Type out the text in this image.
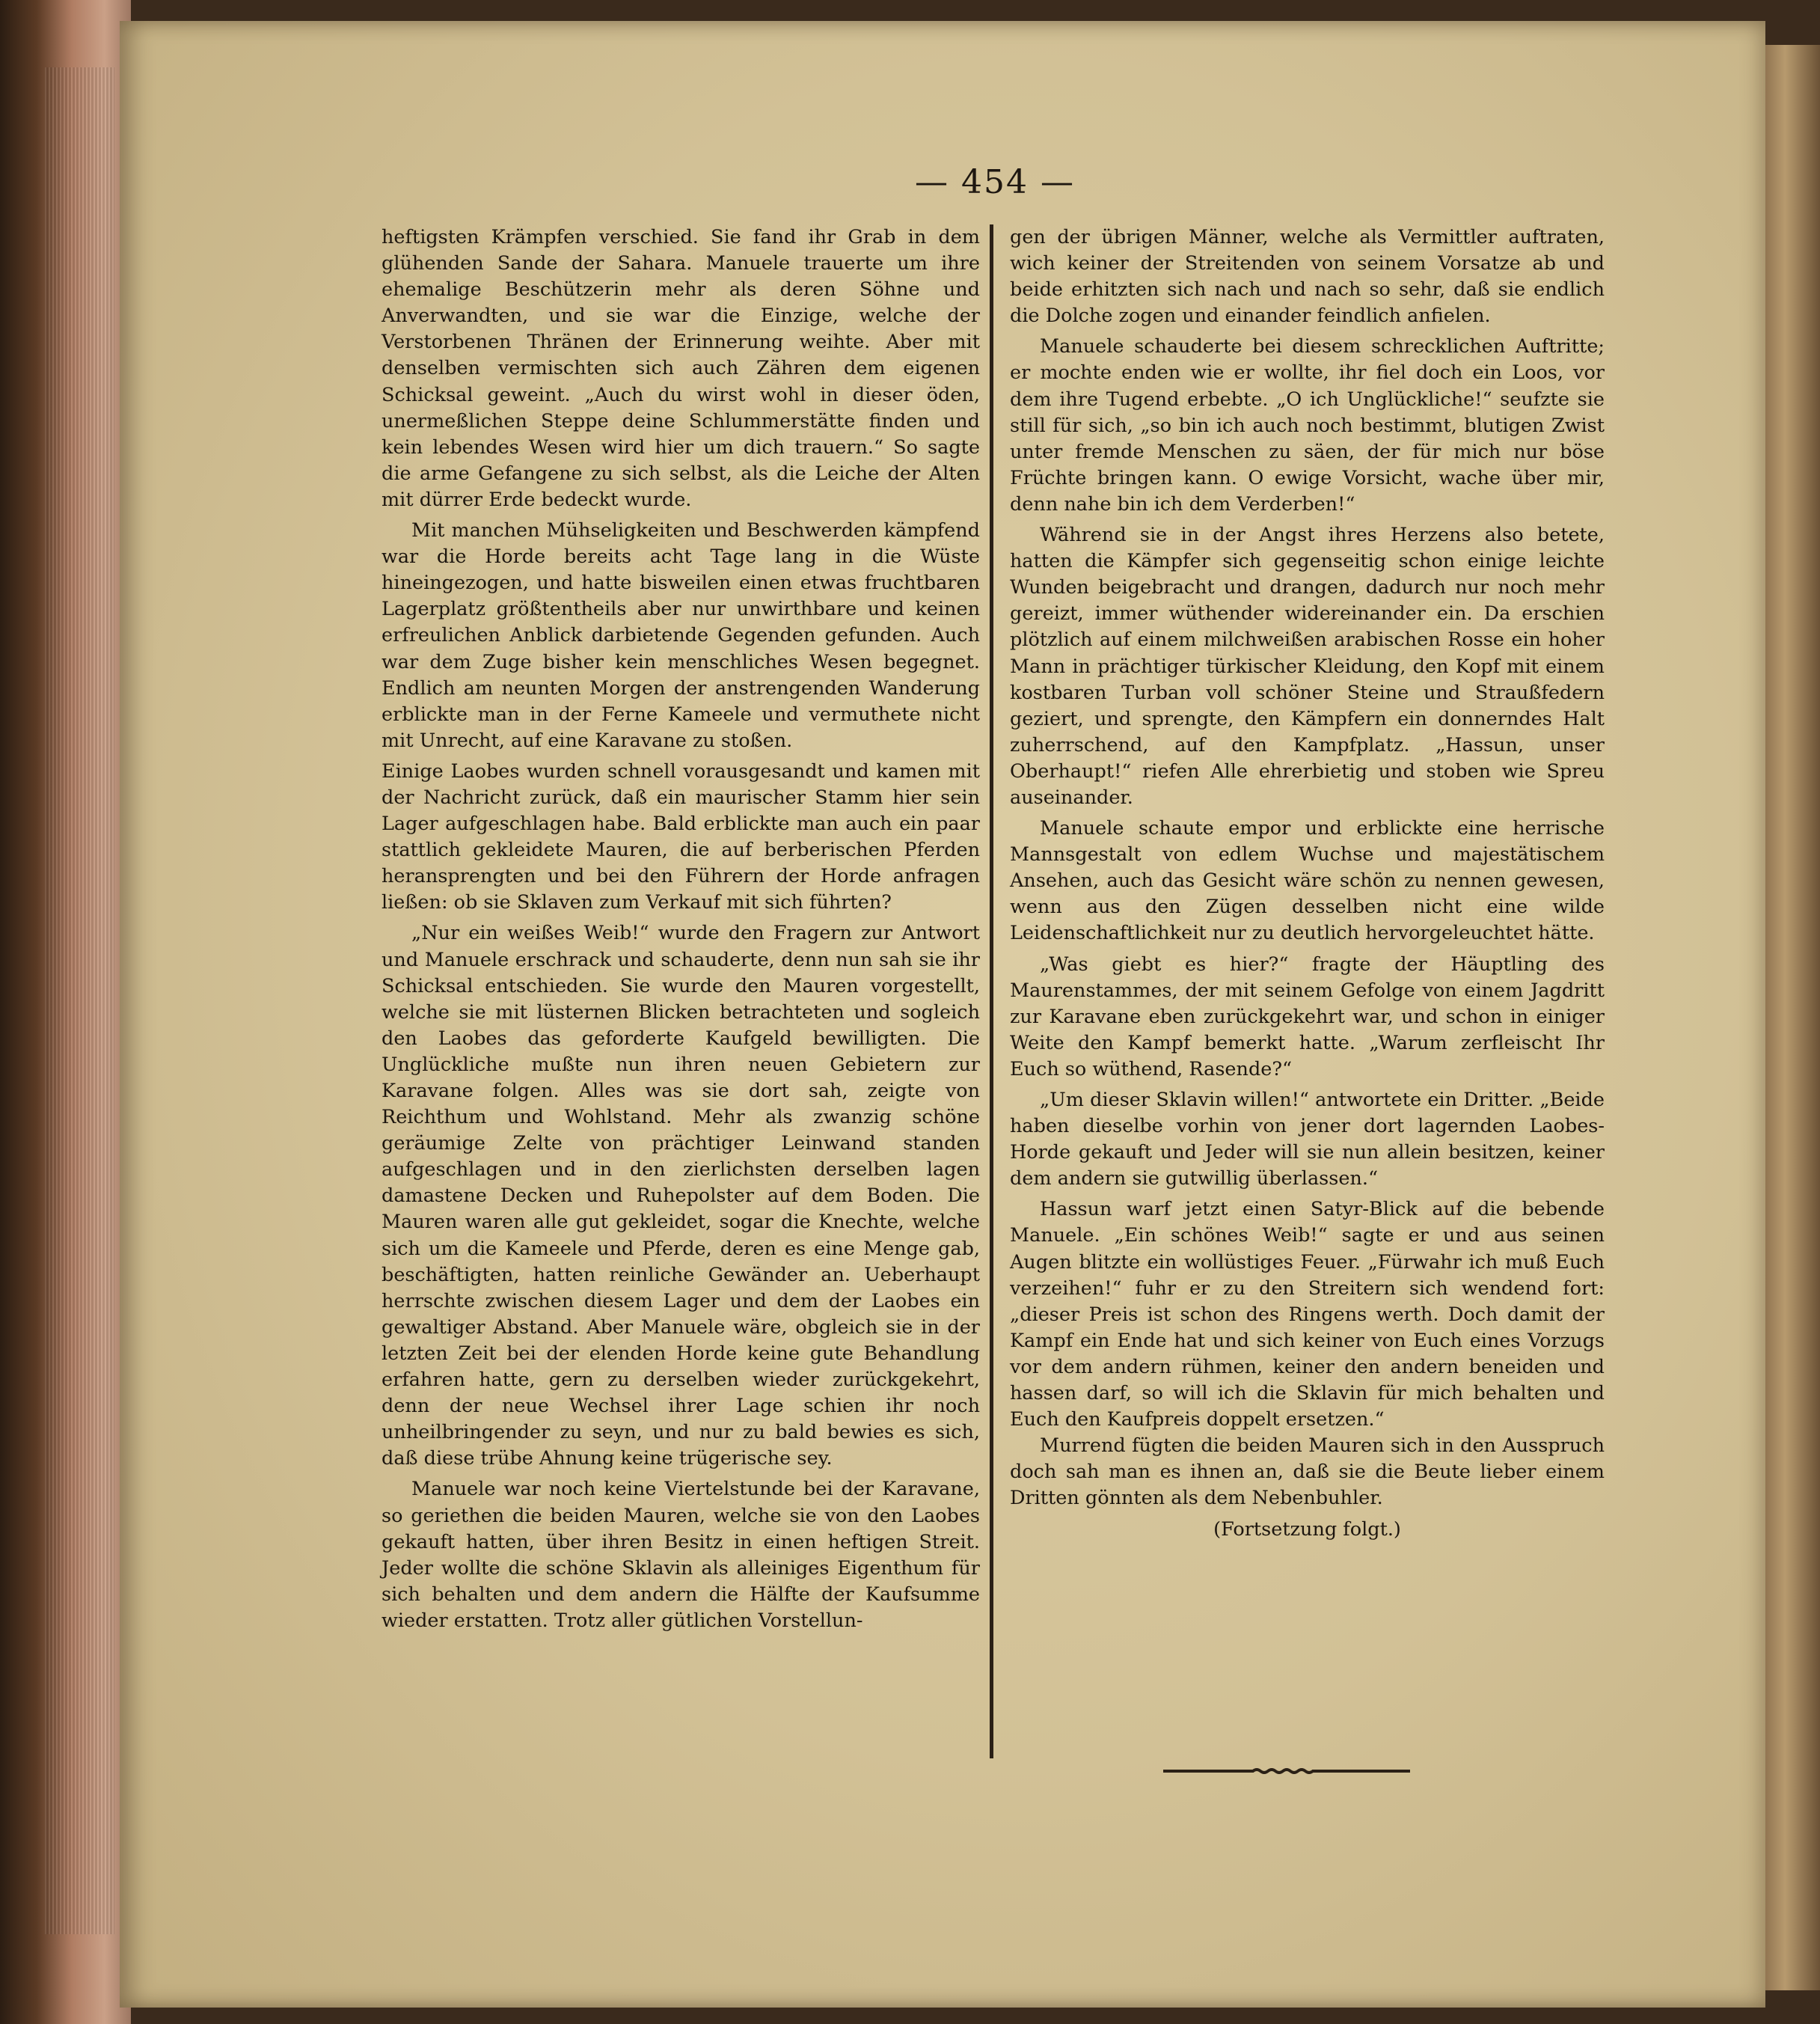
— 454 —

heftigsten Krämpfen verschied. Sie fand ihr Grab in dem glühenden Sande der Sahara. Manuele trauerte um ihre ehemalige Beschützerin mehr als deren Söhne und Anverwandten, und sie war die Einzige, welche der Verstorbenen Thränen der Erinnerung weihte. Aber mit denselben vermischten sich auch Zähren dem eigenen Schicksal geweint. „Auch du wirst wohl in dieser öden, unermeßlichen Steppe deine Schlummerstätte finden und kein lebendes Wesen wird hier um dich trauern.“ So sagte die arme Gefangene zu sich selbst, als die Leiche der Alten mit dürrer Erde bedeckt wurde.

Mit manchen Mühseligkeiten und Beschwerden kämpfend war die Horde bereits acht Tage lang in die Wüste hineingezogen, und hatte bisweilen einen etwas fruchtbaren Lagerplatz größtentheils aber nur unwirthbare und keinen erfreulichen Anblick darbietende Gegenden gefunden. Auch war dem Zuge bisher kein menschliches Wesen begegnet. Endlich am neunten Morgen der anstrengenden Wanderung erblickte man in der Ferne Kameele und vermuthete nicht mit Unrecht, auf eine Karavane zu stoßen.

Einige Laobes wurden schnell vorausgesandt und kamen mit der Nachricht zurück, daß ein maurischer Stamm hier sein Lager aufgeschlagen habe. Bald erblickte man auch ein paar stattlich gekleidete Mauren, die auf berberischen Pferden heransprengten und bei den Führern der Horde anfragen ließen: ob sie Sklaven zum Verkauf mit sich führten?

„Nur ein weißes Weib!“ wurde den Fragern zur Antwort und Manuele erschrack und schauderte, denn nun sah sie ihr Schicksal entschieden. Sie wurde den Mauren vorgestellt, welche sie mit lüsternen Blicken betrachteten und sogleich den Laobes das geforderte Kaufgeld bewilligten. Die Unglückliche mußte nun ihren neuen Gebietern zur Karavane folgen. Alles was sie dort sah, zeigte von Reichthum und Wohlstand. Mehr als zwanzig schöne geräumige Zelte von prächtiger Leinwand standen aufgeschlagen und in den zierlichsten derselben lagen damastene Decken und Ruhepolster auf dem Boden. Die Mauren waren alle gut gekleidet, sogar die Knechte, welche sich um die Kameele und Pferde, deren es eine Menge gab, beschäftigten, hatten reinliche Gewänder an. Ueberhaupt herrschte zwischen diesem Lager und dem der Laobes ein gewaltiger Abstand. Aber Manuele wäre, obgleich sie in der letzten Zeit bei der elenden Horde keine gute Behandlung erfahren hatte, gern zu derselben wieder zurückgekehrt, denn der neue Wechsel ihrer Lage schien ihr noch unheilbringender zu seyn, und nur zu bald bewies es sich, daß diese trübe Ahnung keine trügerische sey.

Manuele war noch keine Viertelstunde bei der Karavane, so geriethen die beiden Mauren, welche sie von den Laobes gekauft hatten, über ihren Besitz in einen heftigen Streit. Jeder wollte die schöne Sklavin als alleiniges Eigenthum für sich behalten und dem andern die Hälfte der Kaufsumme wieder erstatten. Trotz aller gütlichen Vorstellun-

gen der übrigen Männer, welche als Vermittler auftraten, wich keiner der Streitenden von seinem Vorsatze ab und beide erhitzten sich nach und nach so sehr, daß sie endlich die Dolche zogen und einander feindlich anfielen.

Manuele schauderte bei diesem schrecklichen Auftritte; er mochte enden wie er wollte, ihr fiel doch ein Loos, vor dem ihre Tugend erbebte. „O ich Unglückliche!“ seufzte sie still für sich, „so bin ich auch noch bestimmt, blutigen Zwist unter fremde Menschen zu säen, der für mich nur böse Früchte bringen kann. O ewige Vorsicht, wache über mir, denn nahe bin ich dem Verderben!“

Während sie in der Angst ihres Herzens also betete, hatten die Kämpfer sich gegenseitig schon einige leichte Wunden beigebracht und drangen, dadurch nur noch mehr gereizt, immer wüthender widereinander ein. Da erschien plötzlich auf einem milchweißen arabischen Rosse ein hoher Mann in prächtiger türkischer Kleidung, den Kopf mit einem kostbaren Turban voll schöner Steine und Straußfedern geziert, und sprengte, den Kämpfern ein donnerndes Halt zuherrschend, auf den Kampfplatz. „Hassun, unser Oberhaupt!“ riefen Alle ehrerbietig und stoben wie Spreu auseinander.

Manuele schaute empor und erblickte eine herrische Mannsgestalt von edlem Wuchse und majestätischem Ansehen, auch das Gesicht wäre schön zu nennen gewesen, wenn aus den Zügen desselben nicht eine wilde Leidenschaftlichkeit nur zu deutlich hervorgeleuchtet hätte.

„Was giebt es hier?“ fragte der Häuptling des Maurenstammes, der mit seinem Gefolge von einem Jagdritt zur Karavane eben zurückgekehrt war, und schon in einiger Weite den Kampf bemerkt hatte. „Warum zerfleischt Ihr Euch so wüthend, Rasende?“

„Um dieser Sklavin willen!“ antwortete ein Dritter. „Beide haben dieselbe vorhin von jener dort lagernden Laobes-Horde gekauft und Jeder will sie nun allein besitzen, keiner dem andern sie gutwillig überlassen.“

Hassun warf jetzt einen Satyr-Blick auf die bebende Manuele. „Ein schönes Weib!“ sagte er und aus seinen Augen blitzte ein wollüstiges Feuer. „Fürwahr ich muß Euch verzeihen!“ fuhr er zu den Streitern sich wendend fort: „dieser Preis ist schon des Ringens werth. Doch damit der Kampf ein Ende hat und sich keiner von Euch eines Vorzugs vor dem andern rühmen, keiner den andern beneiden und hassen darf, so will ich die Sklavin für mich behalten und Euch den Kaufpreis doppelt ersetzen.“

Murrend fügten die beiden Mauren sich in den Ausspruch doch sah man es ihnen an, daß sie die Beute lieber einem Dritten gönnten als dem Nebenbuhler.

(Fortsetzung folgt.)
